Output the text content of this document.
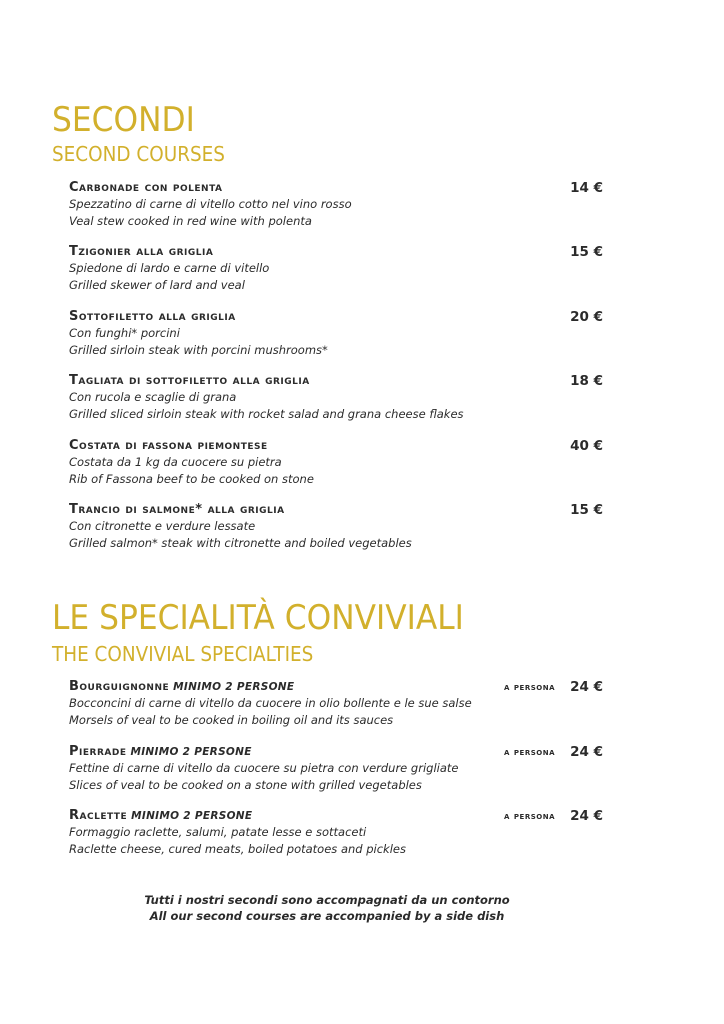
SECONDI
SECOND COURSES
Carbonade con polenta	14 €
Spezzatino di carne di vitello cotto nel vino rosso
Veal stew cooked in red wine with polenta
Tzigonier alla griglia	15 €
Spiedone di lardo e carne di vitello
Grilled skewer of lard and veal
Sottofiletto alla griglia	20 €
Con funghi* porcini
Grilled sirloin steak with porcini mushrooms*
Tagliata di sottofiletto alla griglia	18 €
Con rucola e scaglie di grana
Grilled sliced sirloin steak with rocket salad and grana cheese flakes
Costata di fassona piemontese	40 €
Costata da 1 kg da cuocere su pietra
Rib of Fassona beef to be cooked on stone
Trancio di salmone* alla griglia	15 €
Con citronette e verdure lessate
Grilled salmon* steak with citronette and boiled vegetables
LE SPECIALITÀ CONVIVIALI
THE CONVIVIAL SPECIALTIES
Bourguignonne MINIMO 2 PERSONE	a persona 24 €
Bocconcini di carne di vitello da cuocere in olio bollente e le sue salse
Morsels of veal to be cooked in boiling oil and its sauces
Pierrade MINIMO 2 PERSONE	a persona 24 €
Fettine di carne di vitello da cuocere su pietra con verdure grigliate
Slices of veal to be cooked on a stone with grilled vegetables
Raclette MINIMO 2 PERSONE	a persona 24 €
Formaggio raclette, salumi, patate lesse e sottaceti
Raclette cheese, cured meats, boiled potatoes and pickles
Tutti i nostri secondi sono accompagnati da un contorno
All our second courses are accompanied by a side dish
